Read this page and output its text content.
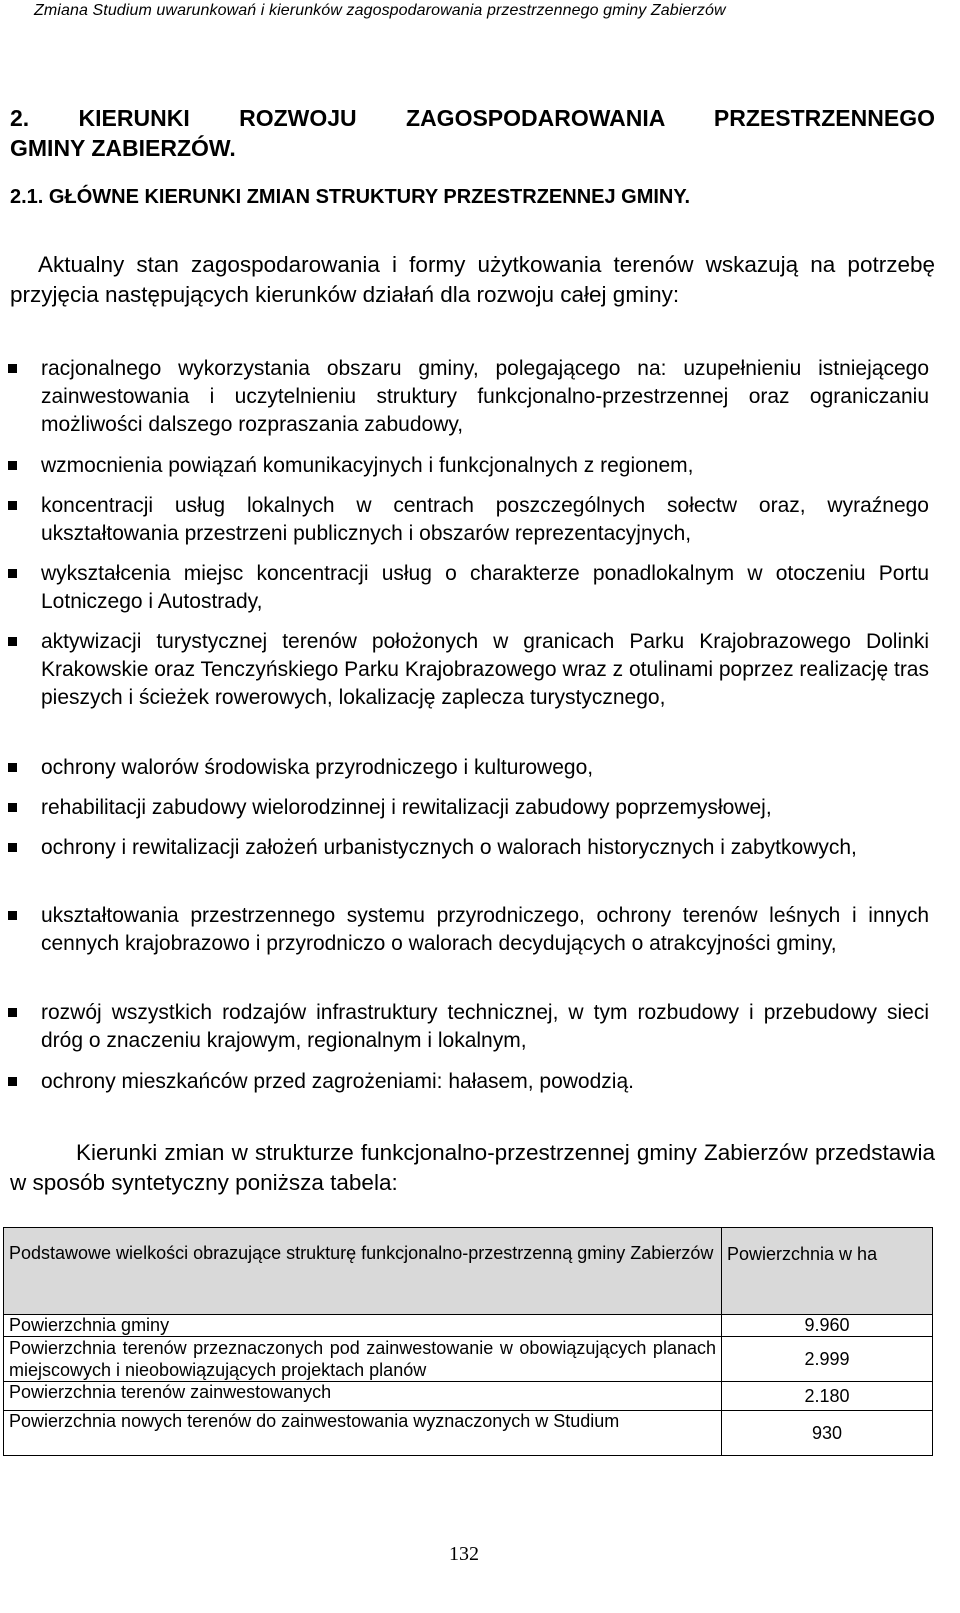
Zmiana Studium uwarunkowań i kierunków zagospodarowania przestrzennego gminy Zabierzów
2. KIERUNKI ROZWOJU ZAGOSPODAROWANIA PRZESTRZENNEGO
GMINY ZABIERZÓW.
2.1. GŁÓWNE KIERUNKI ZMIAN STRUKTURY PRZESTRZENNEJ GMINY.

Aktualny stan zagospodarowania i formy użytkowania terenów wskazują na potrzebę przyjęcia następujących kierunków działań dla rozwoju całej gminy:

racjonalnego wykorzystania obszaru gminy, polegającego na: uzupełnieniu istniejącego zainwestowania i uczytelnieniu struktury funkcjonalno-przestrzennej oraz ograniczaniu możliwości dalszego rozpraszania zabudowy,
wzmocnienia powiązań komunikacyjnych i funkcjonalnych z regionem,
koncentracji usług lokalnych w centrach poszczególnych sołectw oraz, wyraźnego ukształtowania przestrzeni publicznych i obszarów reprezentacyjnych,
wykształcenia miejsc koncentracji usług o charakterze ponadlokalnym w otoczeniu Portu Lotniczego i Autostrady,
aktywizacji turystycznej terenów położonych w granicach Parku Krajobrazowego Dolinki Krakowskie oraz Tenczyńskiego Parku Krajobrazowego wraz z otulinami poprzez realizację tras pieszych i ścieżek rowerowych, lokalizację zaplecza turystycznego,
ochrony walorów środowiska przyrodniczego i kulturowego,
rehabilitacji zabudowy wielorodzinnej i rewitalizacji zabudowy poprzemysłowej,
ochrony i rewitalizacji założeń urbanistycznych o walorach historycznych i zabytkowych,
ukształtowania przestrzennego systemu przyrodniczego, ochrony terenów leśnych i innych cennych krajobrazowo i przyrodniczo o walorach decydujących o atrakcyjności gminy,
rozwój wszystkich rodzajów infrastruktury technicznej, w tym rozbudowy i przebudowy sieci dróg o znaczeniu krajowym, regionalnym i lokalnym,
ochrony mieszkańców przed zagrożeniami: hałasem, powodzią.

Kierunki zmian w strukturze funkcjonalno-przestrzennej gminy Zabierzów przedstawia w sposób syntetyczny poniższa tabela:

Podstawowe wielkości obrazujące strukturę funkcjonalno-przestrzenną gminy Zabierzów	Powierzchnia w ha
Powierzchnia gminy	9.960
Powierzchnia terenów przeznaczonych pod zainwestowanie w obowiązujących planach miejscowych i nieobowiązujących projektach planów	2.999
Powierzchnia terenów zainwestowanych	2.180
Powierzchnia nowych terenów do zainwestowania wyznaczonych w Studium	930
132
